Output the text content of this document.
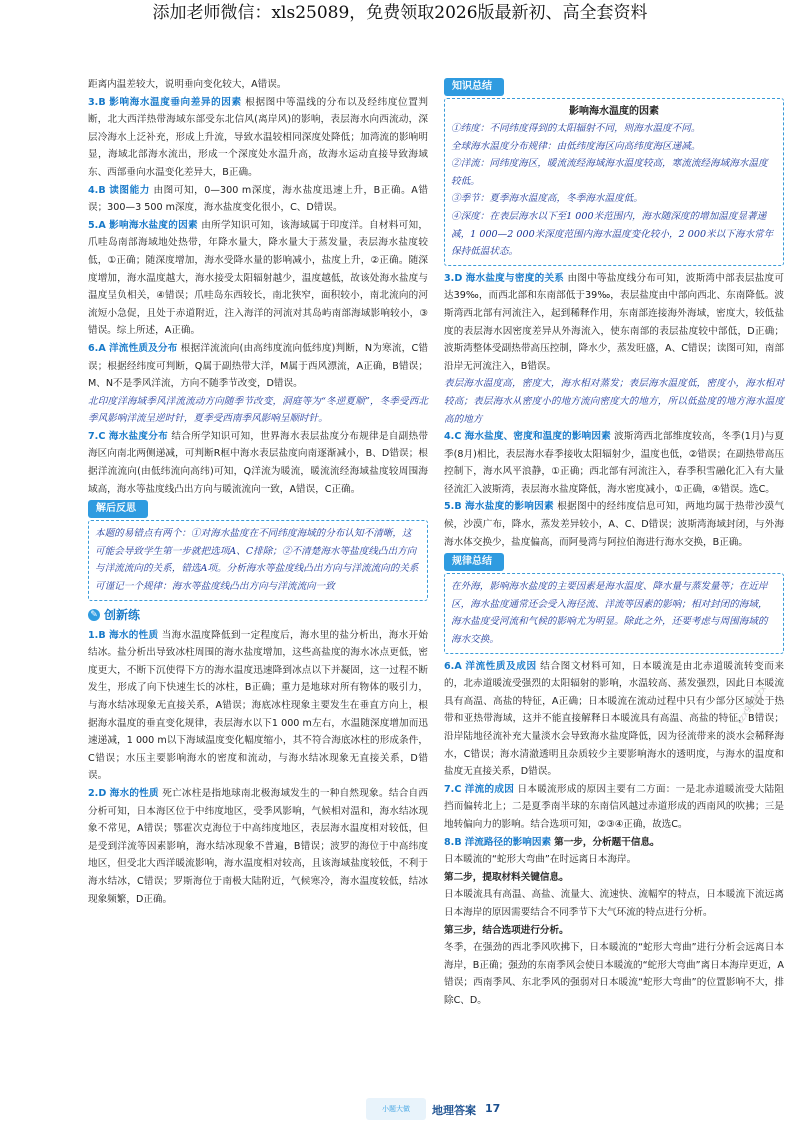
添加老师微信：xls25089，免费领取2026版最新初、高全套资料

距离内温差较大，说明垂向变化较大，A错误。

3.B 影响海水温度垂向差异的因素 根据图中等温线的分布以及经纬度位置判断，北大西洋热带海域东部受东北信风(离岸风)的影响，表层海水向西流动，深层冷海水上泛补充，形成上升流，导致水温较相同深度处降低；加湾流的影响明显，海域北部海水流出，形成一个深度处水温升高，故海水运动直接导致海域东、西部垂向水温变化差异大，B正确。

4.B 读图能力 由图可知，0—300 m深度，海水盐度迅速上升，B正确。A错误；300—3 500 m深度，海水盐度变化很小，C、D错误。

5.A 影响海水盐度的因素 由所学知识可知，该海域属于印度洋。自材料可知，爪哇岛南部海域地处热带，年降水量大，降水量大于蒸发量，表层海水盐度较低，①正确；随深度增加，海水受降水量的影响减小，盐度上升，②正确。随深度增加，海水温度越大，海水接受太阳辐射越少，温度越低，故该处海水盐度与温度呈负相关，④错误；爪哇岛东西较长，南北狭窄，面积较小，南北流向的河流短小急促，且处于赤道附近，注入海洋的河流对其岛屿南部海域影响较小，③错误。综上所述，A正确。

6.A 洋流性质及分布 根据洋流流向(由高纬度流向低纬度)判断，N为寒流，C错误；根据经纬度可判断，Q属于副热带大洋，M属于西风漂流，A正确，B错误；M、N不是季风洋流，方向不随季节改变，D错误。

北印度洋海域季风洋流流动方向随季节改变，洞庭等为“冬逆夏顺”，冬季受西北季风影响洋流呈逆时针，夏季受西南季风影响呈顺时针。

7.C 海水盐度分布 结合所学知识可知，世界海水表层盐度分布规律是自副热带海区向南北两侧递减，可判断R框中海水表层盐度向南逐渐减小，B、D错误；根据洋流流向(由低纬流向高纬)可知，Q洋流为暖流，暖流流经海域盐度较周围海域高，海水等盐度线凸出方向与暖流流向一致，A错误，C正确。

解后反思
本题的易错点有两个：①对海水盐度在不同纬度海域的分布认知不清晰，这可能会导致学生第一步就把选项A、C排除；②不清楚海水等盐度线凸出方向与洋流流向的关系，错选A项。分析海水等盐度线凸出方向与洋流流向的关系可谨记一个规律：海水等盐度线凸出方向与洋流流向一致
✎ 创新练

1.B 海水的性质 当海水温度降低到一定程度后，海水里的盐分析出，海水开始结冰。盐分析出导致冰柱周围的海水盐度增加，这些高盐度的海水冰点更低，密度更大，不断下沉使得下方的海水温度迅速降到冰点以下并凝固，这一过程不断发生，形成了向下快速生长的冰柱，B正确；重力是地球对所有物体的吸引力，与海水结冰现象无直接关系，A错误；海底冰柱现象主要发生在垂直方向上，根据海水温度的垂直变化规律，表层海水以下1 000 m左右，水温随深度增加而迅速递减，1 000 m以下海域温度变化幅度缩小，其不符合海底冰柱的形成条件，C错误；水压主要影响海水的密度和流动，与海水结冰现象无直接关系，D错误。

2.D 海水的性质 死亡冰柱是指地球南北极海域发生的一种自然现象。结合自西分析可知，日本海区位于中纬度地区，受季风影响，气候相对温和，海水结冰现象不常见，A错误；鄂霍次克海位于中高纬度地区，表层海水温度相对较低，但是受到洋流等因素影响，海水结冰现象不普遍，B错误；波罗的海位于中高纬度地区，但受北大西洋暖流影响，海水温度相对较高，且该海域盐度较低，不利于海水结冰，C错误；罗斯海位于南极大陆附近，气候寒冷，海水温度较低，结冰现象频繁，D正确。

知识总结
影响海水温度的因素
①纬度：不同纬度得到的太阳辐射不同，则海水温度不同。
全球海水温度分布规律：由低纬度海区向高纬度海区递减。
②洋流：同纬度海区，暖流流经海域海水温度较高，寒流流经海域海水温度较低。
③季节：夏季海水温度高，冬季海水温度低。
④深度：在表层海水以下至1 000米范围内，海水随深度的增加温度显著递减，1 000—2 000米深度范围内海水温度变化较小，2 000米以下海水常年保持低温状态。

3.D 海水盐度与密度的关系 由图中等盐度线分布可知，波斯湾中部表层盐度可达39‰，而西北部和东南部低于39‰，表层盐度由中部向西北、东南降低。波斯湾西北部有河流注入，起到稀释作用，东南部连接海外海域，密度大，较低盐度的表层海水因密度差异从外海流入，使东南部的表层盐度较中部低，D正确；波斯湾整体受副热带高压控制，降水少，蒸发旺盛，A、C错误；读图可知，南部沿岸无河流注入，B错误。

表层海水温度高，密度大，海水相对蒸发；表层海水温度低，密度小，海水相对较高；表层海水从密度小的地方流向密度大的地方，所以低盐度的地方海水温度高的地方

4.C 海水盐度、密度和温度的影响因素 波斯湾西北部维度较高，冬季(1月)与夏季(8月)相比，表层海水春季接收太阳辐射少，温度也低，②错误；在副热带高压控制下，海水风平浪静，①正确；西北部有河流注入，春季积雪融化汇入有大量径流汇入波斯湾，表层海水盐度降低，海水密度减小，①正确，④错误。选C。

5.B 海水盐度的影响因素 根据图中的经纬度信息可知，两地均属于热带沙漠气候，沙漠广布，降水，蒸发差异较小，A、C、D错误；波斯湾海域封闭，与外海海水体交换少，盐度偏高，而阿曼湾与阿拉伯海进行海水交换，B正确。

规律总结
在外海，影响海水盐度的主要因素是海水温度、降水量与蒸发量等；在近岸区，海水盐度通常还会受入海径流、洋流等因素的影响；相对封闭的海域，海水盐度受河流和气候的影响尤为明显。除此之外，还要考虑与周围海域的海水交换。

6.A 洋流性质及成因 结合图文材料可知，日本暖流是由北赤道暖流转变而来的，北赤道暖流受强烈的太阳辐射的影响，水温较高、蒸发强烈，因此日本暖流具有高温、高盐的特征，A正确；日本暖流在流动过程中只有少部分区域处于热带和亚热带海域，这并不能直接解释日本暖流具有高温、高盐的特征，B错误；沿岸陆地径流补充大量淡水会导致海水盐度降低，因为径流带来的淡水会稀释海水，C错误；海水清澈透明且杂质较少主要影响海水的透明度，与海水的温度和盐度无直接关系，D错误。

7.C 洋流的成因 日本暖流形成的原因主要有二方面：一是北赤道暖流受大陆阻挡而偏转北上；二是夏季南半球的东南信风越过赤道形成的西南风的吹拂；三是地转偏向力的影响。结合选项可知，②③④正确，故选C。

8.B 洋流路径的影响因素 第一步，分析题干信息。

日本暖流的“蛇形大弯曲”在时远离日本海岸。

第二步，提取材料关键信息。

日本暖流具有高温、高盐、流量大、流速快、流幅窄的特点，日本暖流下流远离日本海岸的原因需要结合不同季节下大气环流的特点进行分析。

第三步，结合选项进行分析。

冬季，在强劲的西北季风吹拂下，日本暖流的“蛇形大弯曲”进行分析会远离日本海岸，B正确；强劲的东南季风会使日本暖流的“蛇形大弯曲”离日本海岸更近，A错误；西南季风、东北季风的强弱对日本暖流“蛇形大弯曲”的位置影响不大，排除C、D。

tzx985tzx
小题大做	地理答案 17
